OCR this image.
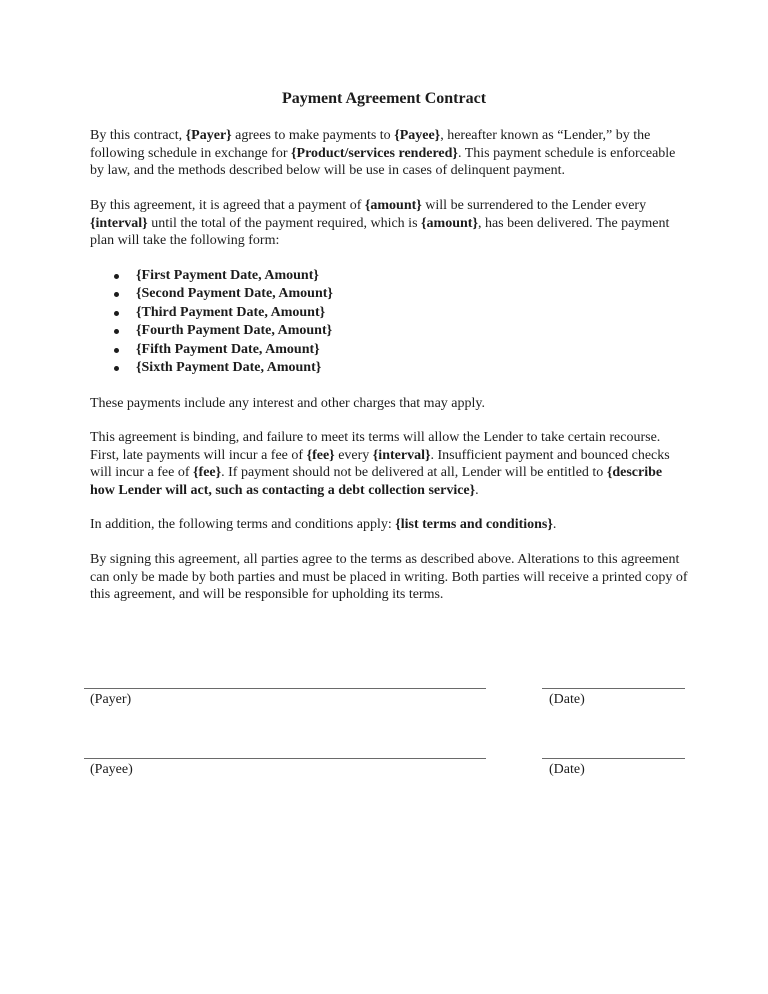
Payment Agreement Contract

By this contract, {Payer} agrees to make payments to {Payee}, hereafter known as “Lender,” by the following schedule in exchange for {Product/services rendered}. This payment schedule is enforceable by law, and the methods described below will be use in cases of delinquent payment.

By this agreement, it is agreed that a payment of {amount} will be surrendered to the Lender every {interval} until the total of the payment required, which is {amount}, has been delivered. The payment plan will take the following form:

{First Payment Date, Amount}
{Second Payment Date, Amount}
{Third Payment Date, Amount}
{Fourth Payment Date, Amount}
{Fifth Payment Date, Amount}
{Sixth Payment Date, Amount}

These payments include any interest and other charges that may apply.

This agreement is binding, and failure to meet its terms will allow the Lender to take certain recourse. First, late payments will incur a fee of {fee} every {interval}. Insufficient payment and bounced checks will incur a fee of {fee}. If payment should not be delivered at all, Lender will be entitled to {describe how Lender will act, such as contacting a debt collection service}.

In addition, the following terms and conditions apply: {list terms and conditions}.

By signing this agreement, all parties agree to the terms as described above. Alterations to this agreement can only be made by both parties and must be placed in writing. Both parties will receive a printed copy of this agreement, and will be responsible for upholding its terms.

(Payer)	(Date)
(Payee)	(Date)
